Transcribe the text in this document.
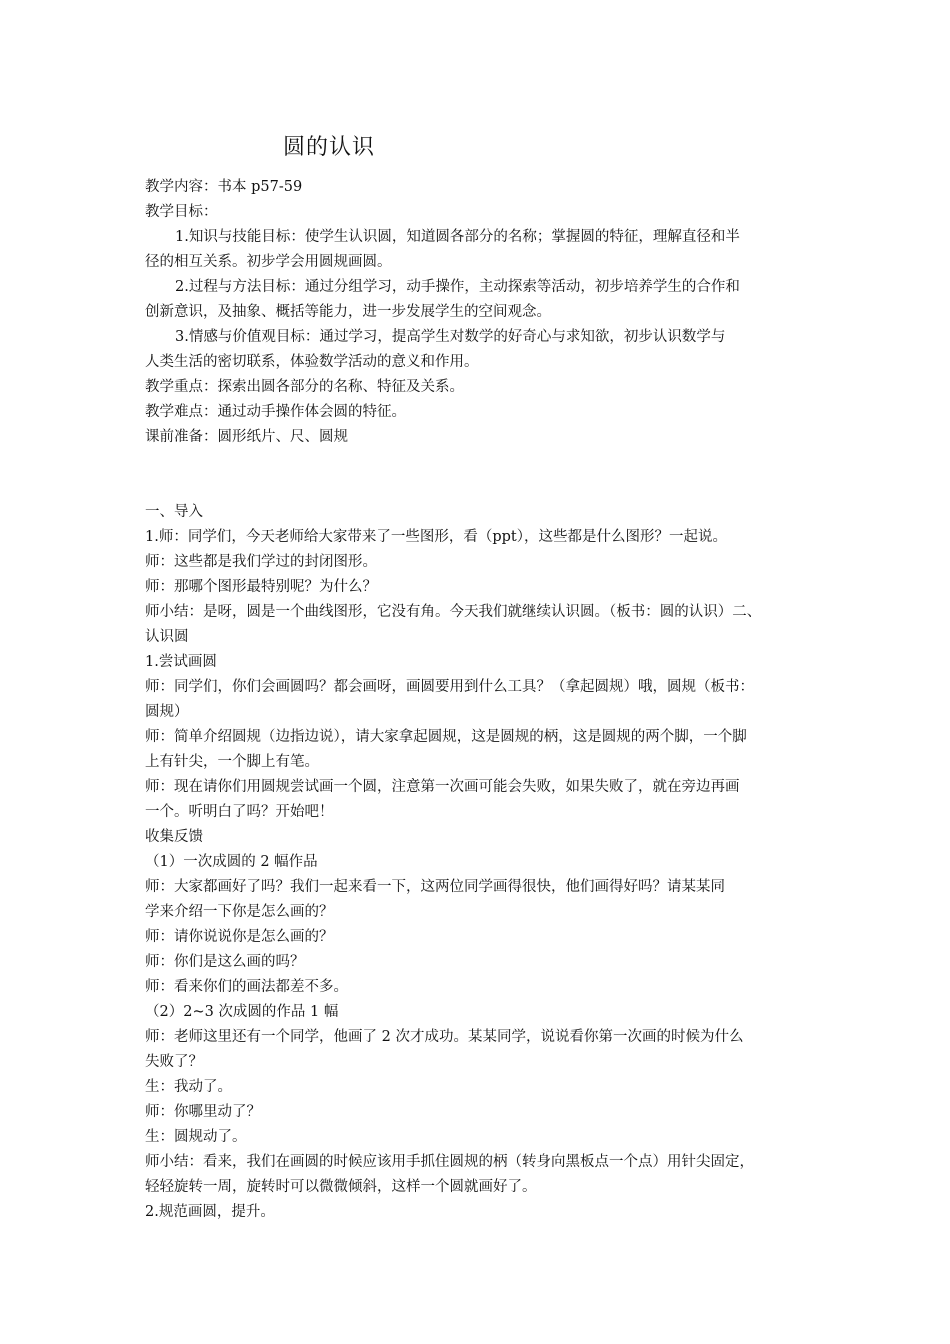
圆的认识
教学内容：书本 p57-59
教学目标：
1.知识与技能目标：使学生认识圆，知道圆各部分的名称；掌握圆的特征，理解直径和半
径的相互关系。初步学会用圆规画圆。
2.过程与方法目标：通过分组学习，动手操作，主动探索等活动，初步培养学生的合作和
创新意识，及抽象、概括等能力，进一步发展学生的空间观念。
3.情感与价值观目标：通过学习，提高学生对数学的好奇心与求知欲，初步认识数学与
人类生活的密切联系，体验数学活动的意义和作用。
教学重点：探索出圆各部分的名称、特征及关系。
教学难点：通过动手操作体会圆的特征。
课前准备：圆形纸片、尺、圆规
一、导入
1.师：同学们，今天老师给大家带来了一些图形，看（ppt），这些都是什么图形？一起说。
师：这些都是我们学过的封闭图形。
师：那哪个图形最特别呢？为什么？
师小结：是呀，圆是一个曲线图形，它没有角。今天我们就继续认识圆。（板书：圆的认识）二、
认识圆
1.尝试画圆
师：同学们，你们会画圆吗？都会画呀，画圆要用到什么工具？（拿起圆规）哦，圆规（板书：
圆规）
师：简单介绍圆规（边指边说），请大家拿起圆规，这是圆规的柄，这是圆规的两个脚，一个脚
上有针尖，一个脚上有笔。
师：现在请你们用圆规尝试画一个圆，注意第一次画可能会失败，如果失败了，就在旁边再画
一个。听明白了吗？开始吧！
收集反馈
（1）一次成圆的 2 幅作品
师：大家都画好了吗？我们一起来看一下，这两位同学画得很快，他们画得好吗？请某某同
学来介绍一下你是怎么画的？
师：请你说说你是怎么画的？
师：你们是这么画的吗？
师：看来你们的画法都差不多。
（2）2~3 次成圆的作品 1 幅
师：老师这里还有一个同学，他画了 2 次才成功。某某同学，说说看你第一次画的时候为什么
失败了？
生：我动了。
师：你哪里动了？
生：圆规动了。
师小结：看来，我们在画圆的时候应该用手抓住圆规的柄（转身向黑板点一个点）用针尖固定，
轻轻旋转一周，旋转时可以微微倾斜，这样一个圆就画好了。
2.规范画圆，提升。
